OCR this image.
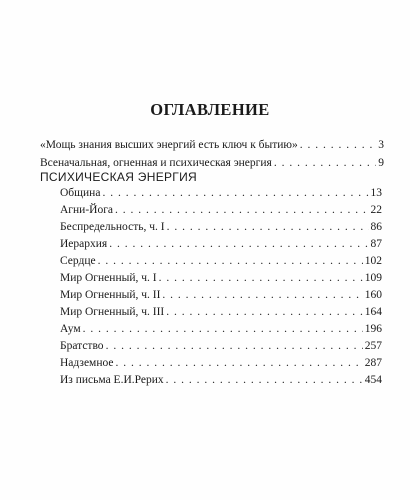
ОГЛАВЛЕНИЕ
«Мощь знания высших энергий есть ключ к бытию» . . .	3
Всеначальная, огненная и психическая энергия . . .	9
ПСИХИЧЕСКАЯ ЭНЕРГИЯ
Община . . .	13
Агни-Йога . . .	22
Беспредельность, ч. I . . .	86
Иерархия . . .	87
Сердце . . .	102
Мир Огненный, ч. I . . .	109
Мир Огненный, ч. II . . .	160
Мир Огненный, ч. III . . .	164
Аум . . .	196
Братство . . .	257
Надземное . . .	287
Из письма Е.И.Рерих . . .	454
